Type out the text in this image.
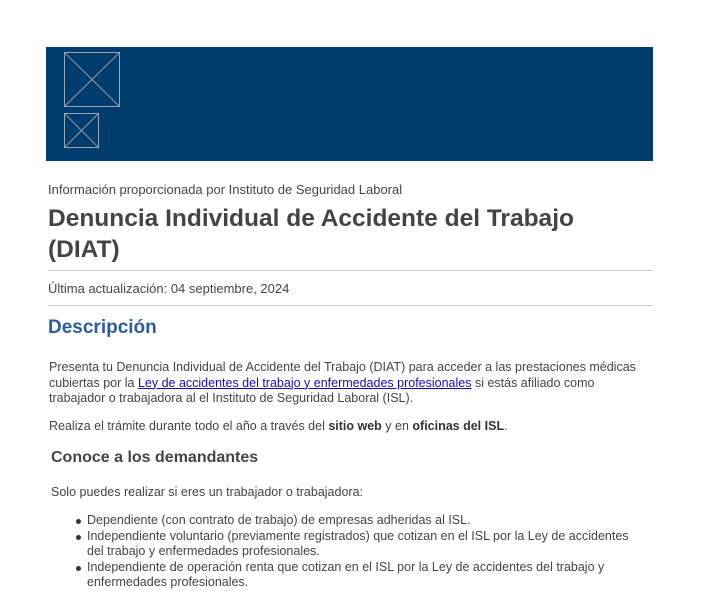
Información proporcionada por Instituto de Seguridad Laboral
Denuncia Individual de Accidente del Trabajo (DIAT)
Última actualización: 04 septiembre, 2024
Descripción

Presenta tu Denuncia Individual de Accidente del Trabajo (DIAT) para acceder a las prestaciones médicas cubiertas por la Ley de accidentes del trabajo y enfermedades profesionales si estás afiliado como trabajador o trabajadora al el Instituto de Seguridad Laboral (ISL).

Realiza el trámite durante todo el año a través del sitio web y en oficinas del ISL.

Conoce a los demandantes

Solo puedes realizar si eres un trabajador o trabajadora:

Dependiente (con contrato de trabajo) de empresas adheridas al ISL.
Independiente voluntario (previamente registrados) que cotizan en el ISL por la Ley de accidentes del trabajo y enfermedades profesionales.
Independiente de operación renta que cotizan en el ISL por la Ley de accidentes del trabajo y enfermedades profesionales.
